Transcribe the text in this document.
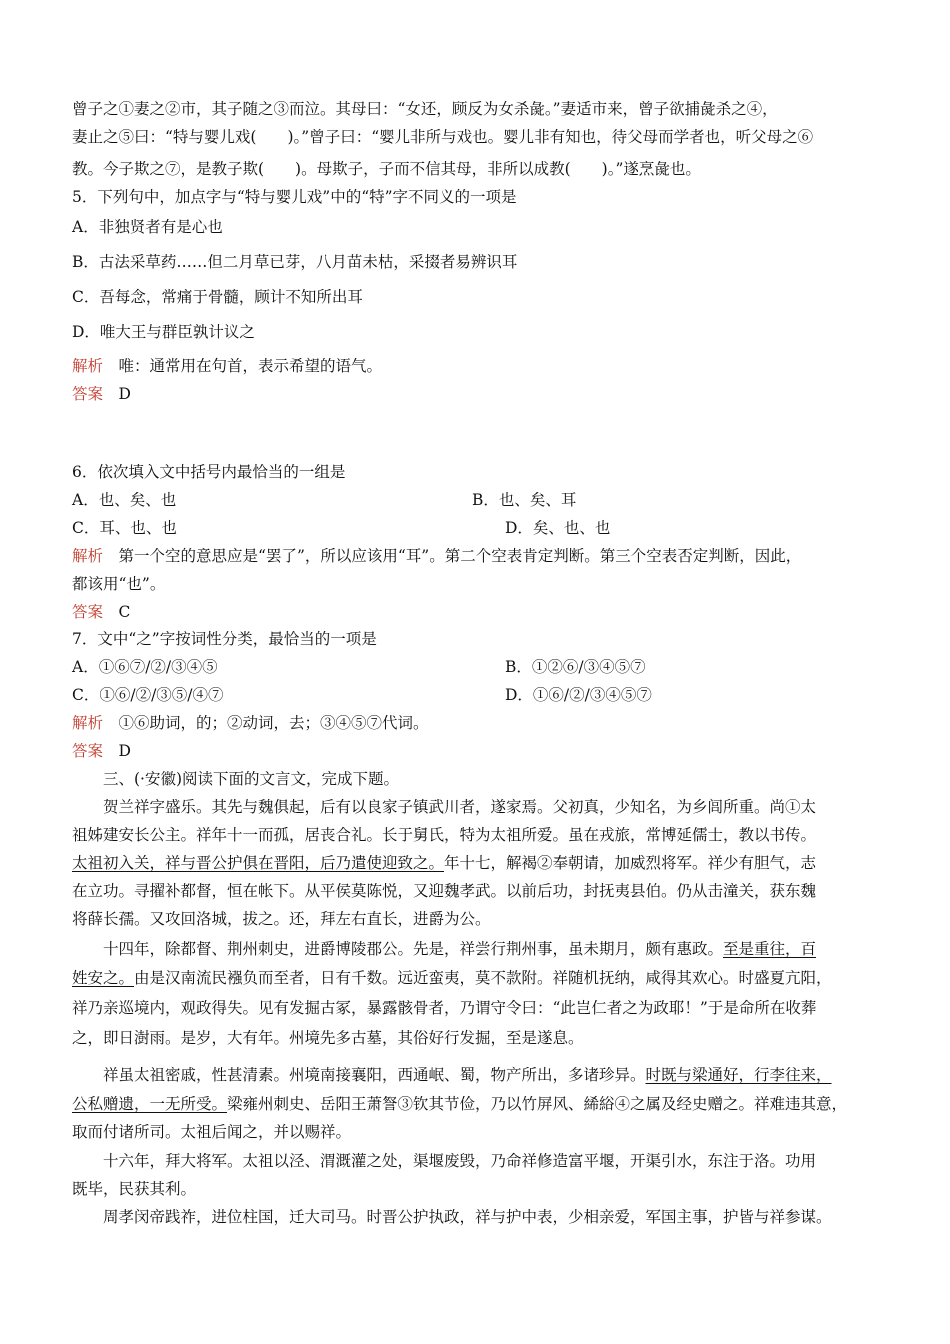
曾子之①妻之②市，其子随之③而泣。其母曰：“女还，顾反为女杀彘。”妻适市来，曾子欲捕彘杀之④，
妻止之⑤曰：“特与婴儿戏(　　)。”曾子曰：“婴儿非所与戏也。婴儿非有知也，待父母而学者也，听父母之⑥
教。今子欺之⑦，是教子欺(　　)。母欺子，子而不信其母，非所以成教(　　)。”遂烹彘也。
5．下列句中，加点字与“特与婴儿戏”中的“特”字不同义的一项是
A．非独贤者有是心也
B．古法采草药……但二月草已芽，八月苗未枯，采掇者易辨识耳
C．吾每念，常痛于骨髓，顾计不知所出耳
D．唯大王与群臣孰计议之
解析　 唯：通常用在句首，表示希望的语气。
答案　 D
6．依次填入文中括号内最恰当的一组是
A．也、矣、也	B．也、矣、耳
C．耳、也、也	D．矣、也、也
解析　 第一个空的意思应是“罢了”，所以应该用“耳”。第二个空表肯定判断。第三个空表否定判断，因此，
都该用“也”。
答案　 C
7．文中“之”字按词性分类，最恰当的一项是
A．①⑥⑦/②/③④⑤	B．①②⑥/③④⑤⑦
C．①⑥/②/③⑤/④⑦	D．①⑥/②/③④⑤⑦
解析　 ①⑥助词，的；②动词，去；③④⑤⑦代词。
答案　 D
三、(·安徽)阅读下面的文言文，完成下题。
贺兰祥字盛乐。其先与魏俱起，后有以良家子镇武川者，遂家焉。父初真，少知名，为乡闾所重。尚①太
祖姊建安长公主。祥年十一而孤，居丧合礼。长于舅氏，特为太祖所爱。虽在戎旅，常博延儒士，教以书传。
太祖初入关，祥与晋公护俱在晋阳，后乃遣使迎致之。年十七，解褐②奉朝请，加威烈将军。祥少有胆气，志
在立功。寻擢补都督，恒在帐下。从平侯莫陈悦，又迎魏孝武。以前后功，封抚夷县伯。仍从击潼关，获东魏
将薛长孺。又攻回洛城，拔之。还，拜左右直长，进爵为公。
十四年，除都督、荆州刺史，进爵博陵郡公。先是，祥尝行荆州事，虽未期月，颇有惠政。至是重往，百
姓安之。由是汉南流民襁负而至者，日有千数。远近蛮夷，莫不款附。祥随机抚纳，咸得其欢心。时盛夏亢阳，
祥乃亲巡境内，观政得失。见有发掘古冢，暴露骸骨者，乃谓守令曰：“此岂仁者之为政耶！”于是命所在收葬
之，即日澍雨。是岁，大有年。州境先多古墓，其俗好行发掘，至是遂息。
祥虽太祖密戚，性甚清素。州境南接襄阳，西通岷、蜀，物产所出，多诸珍异。时既与梁通好，行李往来，
公私赠遗，一无所受。梁雍州刺史、岳阳王萧詧③钦其节俭，乃以竹屏风、絺綌④之属及经史赠之。祥难违其意，
取而付诸所司。太祖后闻之，并以赐祥。
十六年，拜大将军。太祖以泾、渭溉灌之处，渠堰废毁，乃命祥修造富平堰，开渠引水，东注于洛。功用
既毕，民获其利。
周孝闵帝践祚，进位柱国，迁大司马。时晋公护执政，祥与护中表，少相亲爱，军国主事，护皆与祥参谋。
